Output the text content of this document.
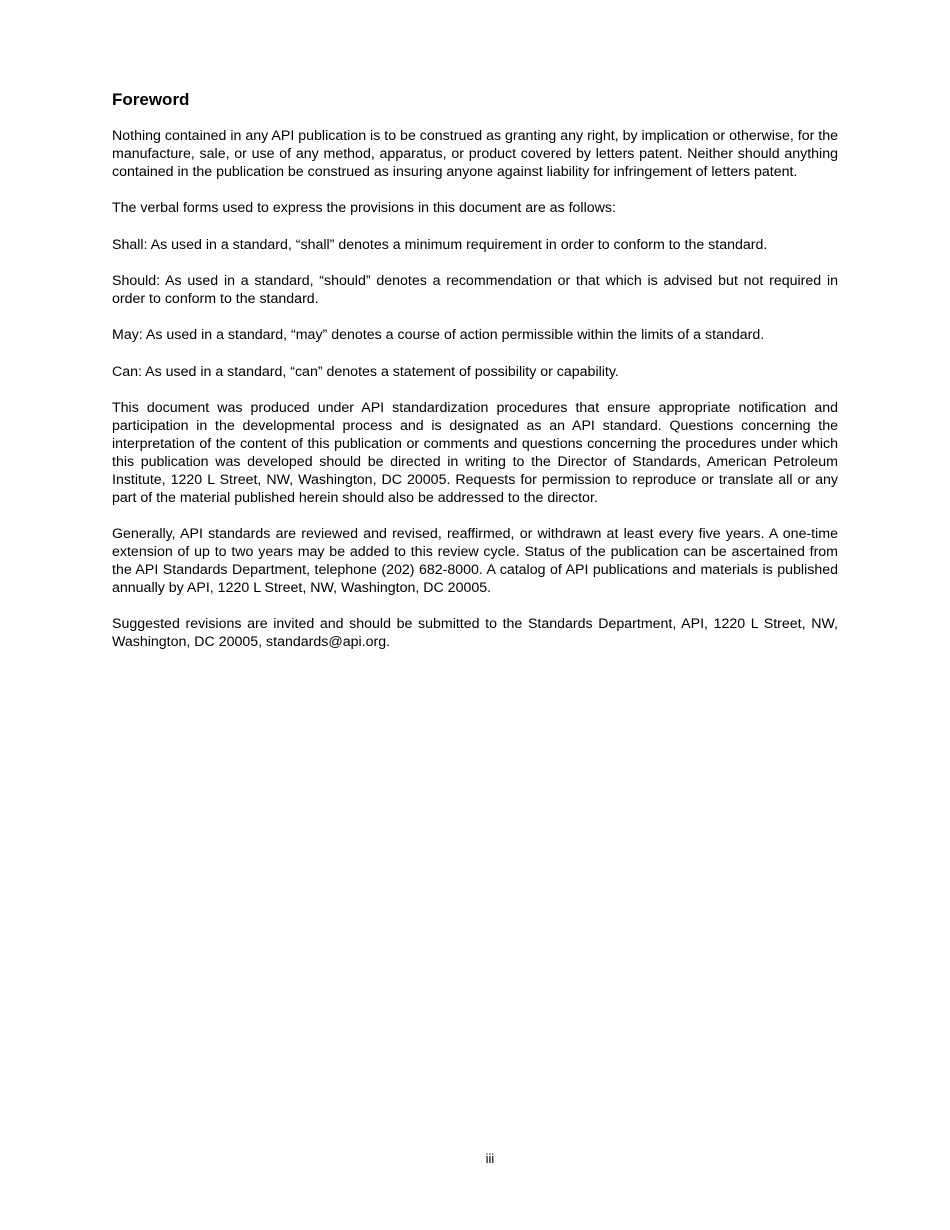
Foreword

Nothing contained in any API publication is to be construed as granting any right, by implication or otherwise, for the manufacture, sale, or use of any method, apparatus, or product covered by letters patent. Neither should anything contained in the publication be construed as insuring anyone against liability for infringement of letters patent.

The verbal forms used to express the provisions in this document are as follows:

Shall: As used in a standard, “shall” denotes a minimum requirement in order to conform to the standard.

Should: As used in a standard, “should” denotes a recommendation or that which is advised but not required in order to conform to the standard.

May: As used in a standard, “may” denotes a course of action permissible within the limits of a standard.

Can: As used in a standard, “can” denotes a statement of possibility or capability.

This document was produced under API standardization procedures that ensure appropriate notification and participation in the developmental process and is designated as an API standard. Questions concerning the interpretation of the content of this publication or comments and questions concerning the procedures under which this publication was developed should be directed in writing to the Director of Standards, American Petroleum Institute, 1220 L Street, NW, Washington, DC 20005. Requests for permission to reproduce or translate all or any part of the material published herein should also be addressed to the director.

Generally, API standards are reviewed and revised, reaffirmed, or withdrawn at least every five years. A one-time extension of up to two years may be added to this review cycle. Status of the publication can be ascertained from the API Standards Department, telephone (202) 682-8000. A catalog of API publications and materials is published annually by API, 1220 L Street, NW, Washington, DC 20005.

Suggested revisions are invited and should be submitted to the Standards Department, API, 1220 L Street, NW, Washington, DC 20005, standards@api.org.

iii
